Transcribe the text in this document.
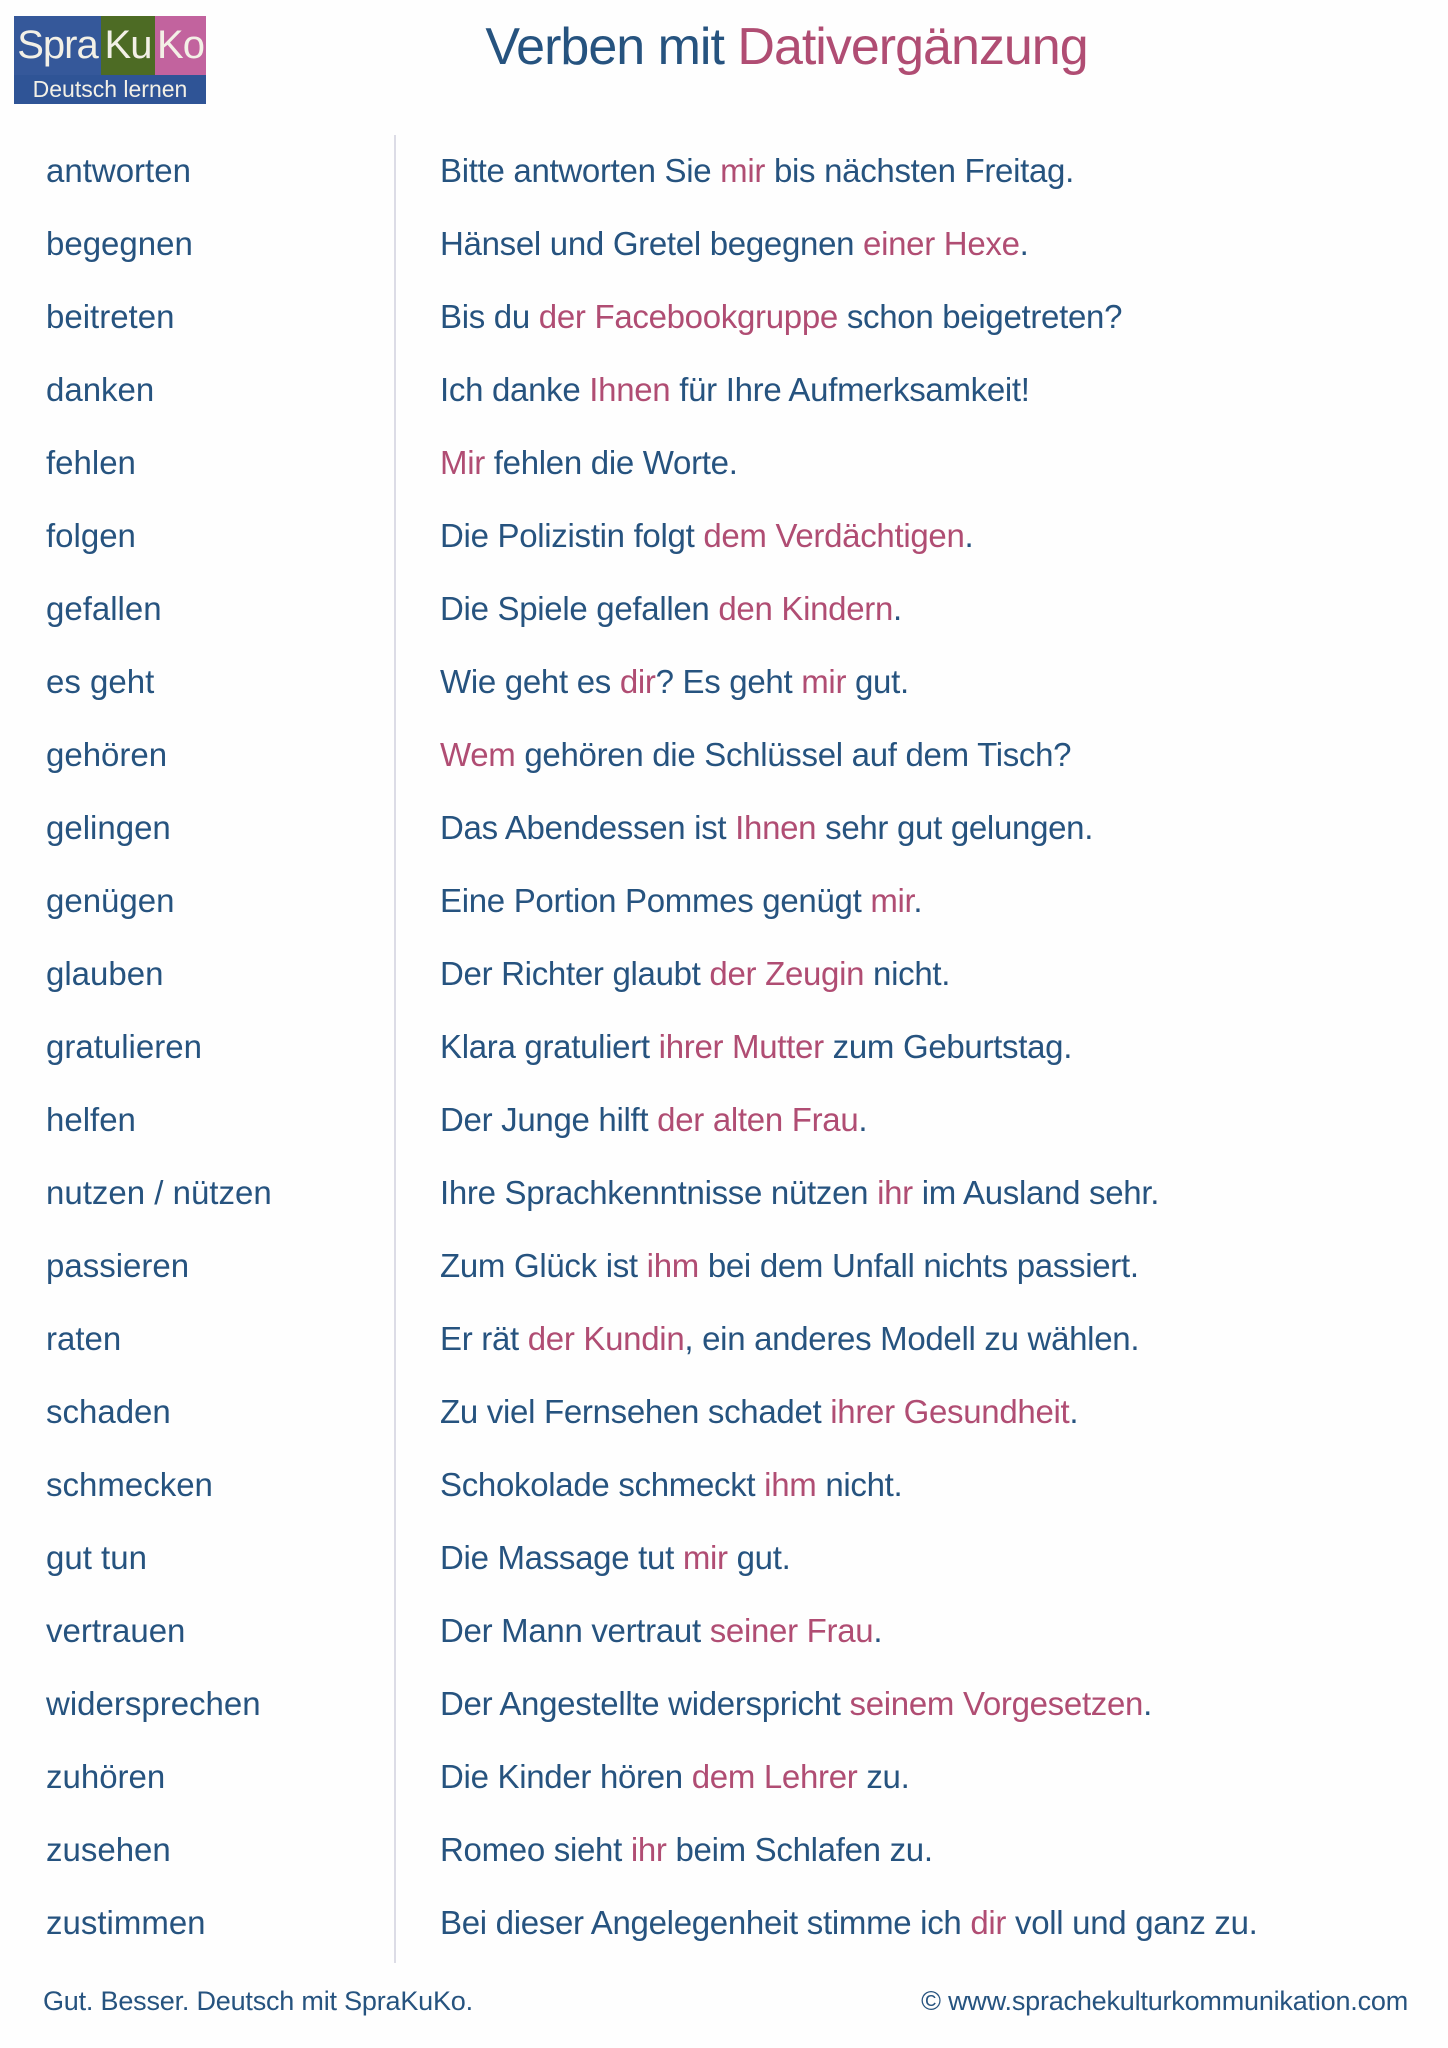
Spra Ku Ko
Deutsch lernen
Verben mit Dativergänzung
antworten	Bitte antworten Sie mir bis nächsten Freitag.
begegnen	Hänsel und Gretel begegnen einer Hexe.
beitreten	Bis du der Facebookgruppe schon beigetreten?
danken	Ich danke Ihnen für Ihre Aufmerksamkeit!
fehlen	Mir fehlen die Worte.
folgen	Die Polizistin folgt dem Verdächtigen.
gefallen	Die Spiele gefallen den Kindern.
es geht	Wie geht es dir? Es geht mir gut.
gehören	Wem gehören die Schlüssel auf dem Tisch?
gelingen	Das Abendessen ist Ihnen sehr gut gelungen.
genügen	Eine Portion Pommes genügt mir.
glauben	Der Richter glaubt der Zeugin nicht.
gratulieren	Klara gratuliert ihrer Mutter zum Geburtstag.
helfen	Der Junge hilft der alten Frau.
nutzen / nützen	Ihre Sprachkenntnisse nützen ihr im Ausland sehr.
passieren	Zum Glück ist ihm bei dem Unfall nichts passiert.
raten	Er rät der Kundin, ein anderes Modell zu wählen.
schaden	Zu viel Fernsehen schadet ihrer Gesundheit.
schmecken	Schokolade schmeckt ihm nicht.
gut tun	Die Massage tut mir gut.
vertrauen	Der Mann vertraut seiner Frau.
widersprechen	Der Angestellte widerspricht seinem Vorgesetzen.
zuhören	Die Kinder hören dem Lehrer zu.
zusehen	Romeo sieht ihr beim Schlafen zu.
zustimmen	Bei dieser Angelegenheit stimme ich dir voll und ganz zu.
Gut. Besser. Deutsch mit SpraKuKo.	© www.sprachekulturkommunikation.com
